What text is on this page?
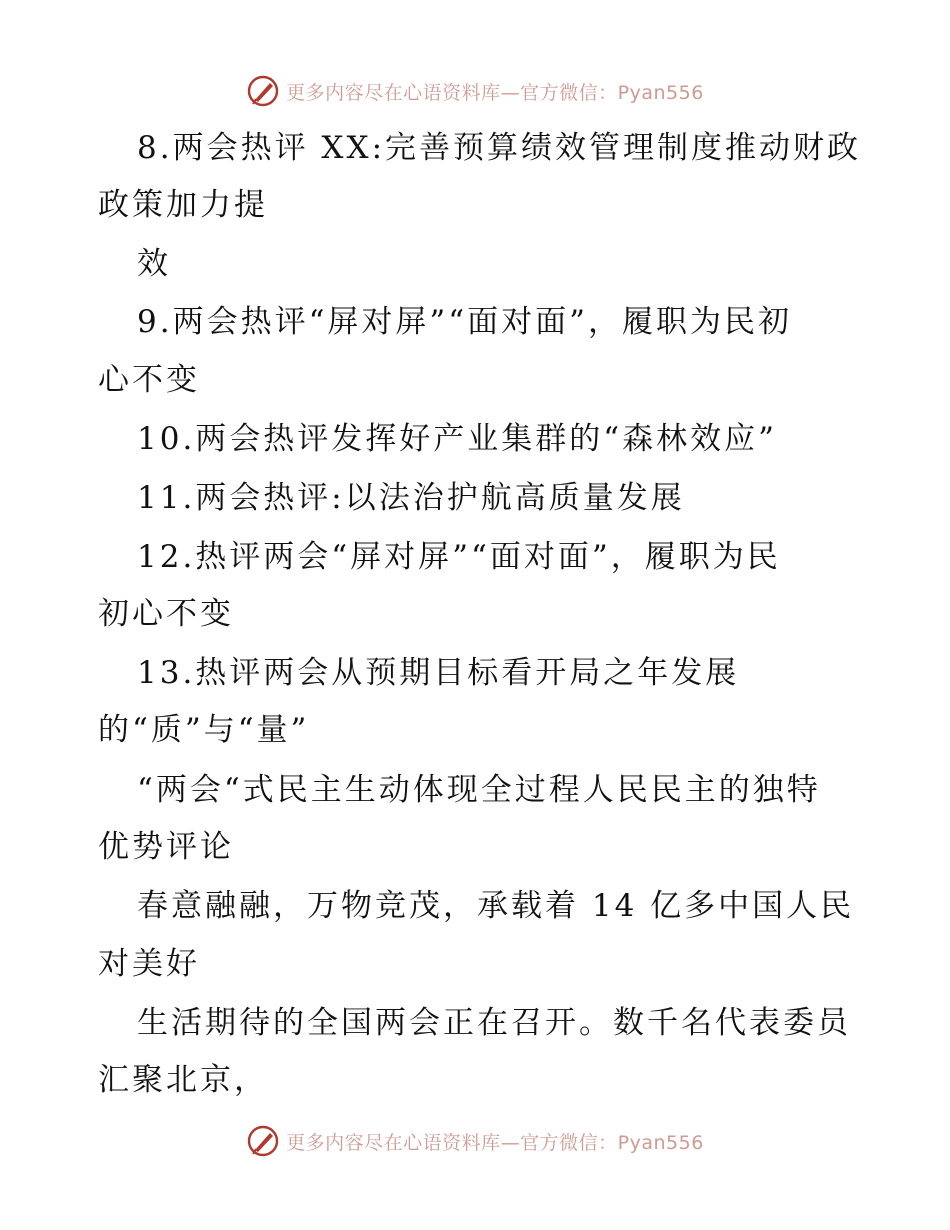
更多内容尽在心语资料库—官方微信：Pyan556
8.两会热评 XX:完善预算绩效管理制度推动财政
政策加力提
效
9.两会热评“屏对屏”“面对面”，履职为民初
心不变
10.两会热评发挥好产业集群的“森林效应”
11.两会热评:以法治护航高质量发展
12.热评两会“屏对屏”“面对面”，履职为民
初心不变
13.热评两会从预期目标看开局之年发展
的“质”与“量”
“两会“式民主生动体现全过程人民民主的独特
优势评论
春意融融，万物竞茂，承载着 14 亿多中国人民
对美好
生活期待的全国两会正在召开。数千名代表委员
汇聚北京，
更多内容尽在心语资料库—官方微信：Pyan556
